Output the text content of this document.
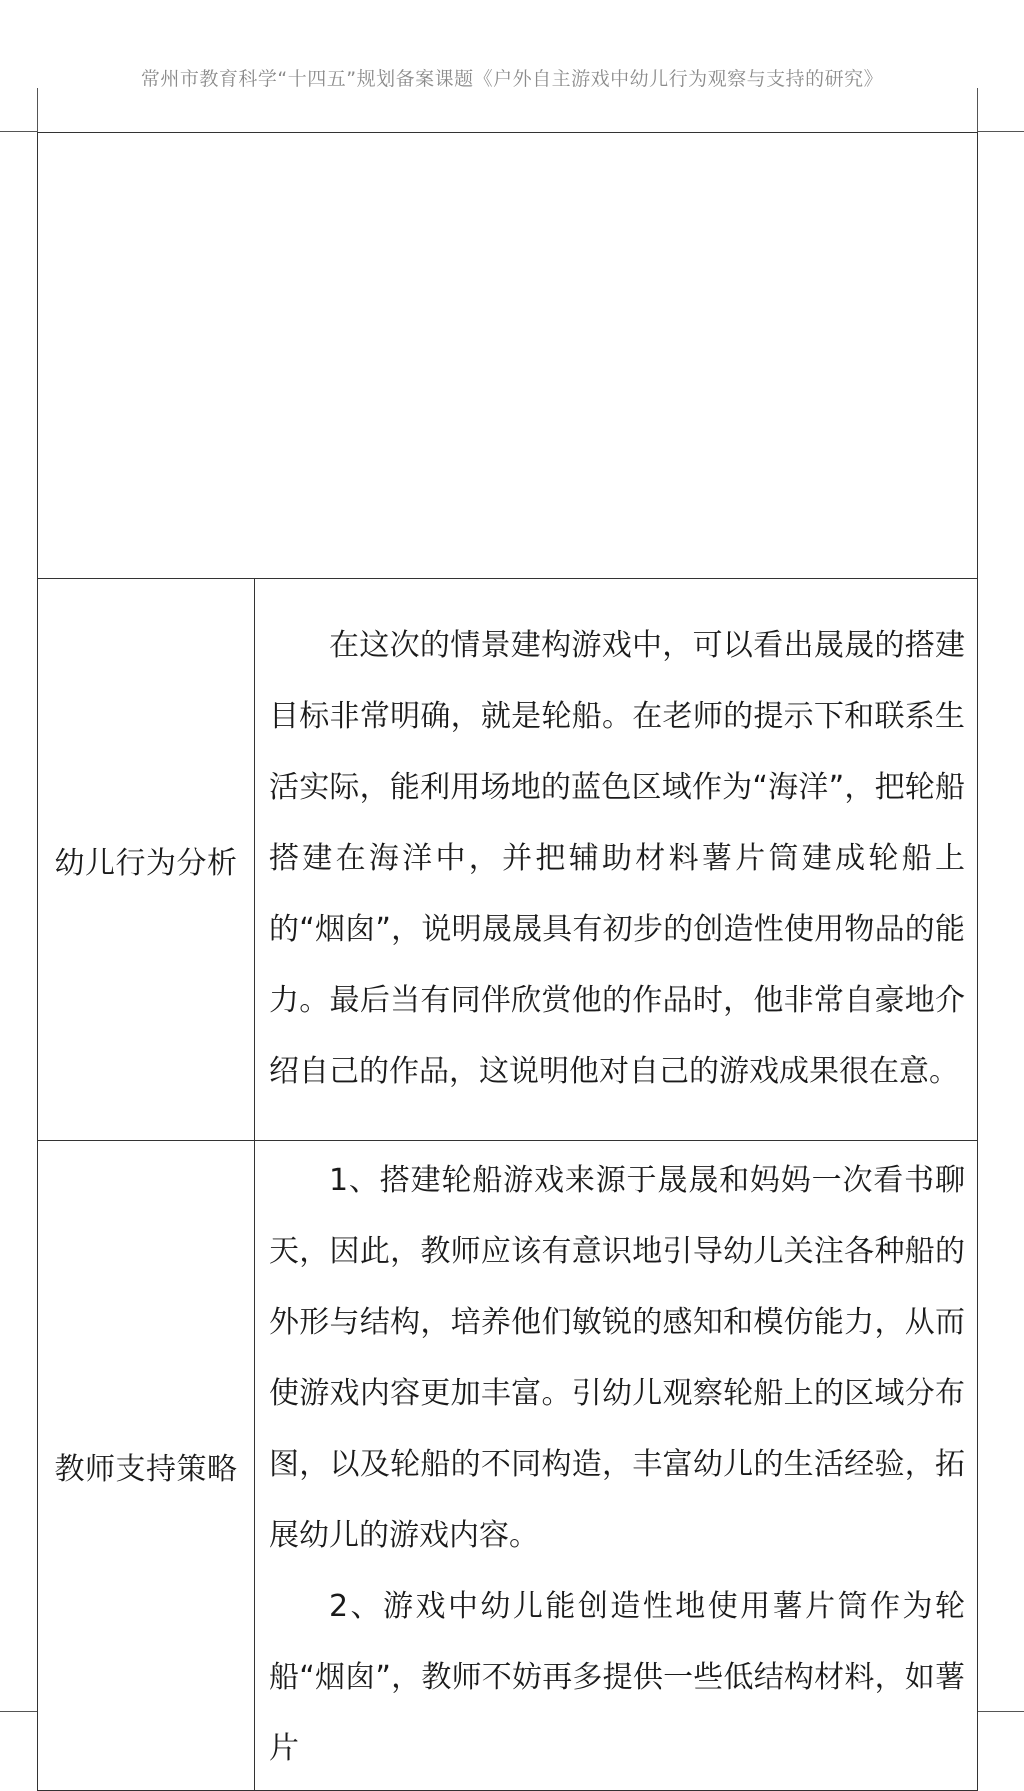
常州市教育科学“十四五”规划备案课题《户外自主游戏中幼儿行为观察与支持的研究》

幼儿行为分析	在这次的情景建构游戏中，可以看出晟晟的搭建目标非常明确，就是轮船。在老师的提示下和联系生活实际，能利用场地的蓝色区域作为“海洋”，把轮船搭建在海洋中，并把辅助材料薯片筒建成轮船上的“烟囱”，说明晟晟具有初步的创造性使用物品的能力。最后当有同伴欣赏他的作品时，他非常自豪地介绍自己的作品，这说明他对自己的游戏成果很在意。

教师支持策略	1、搭建轮船游戏来源于晟晟和妈妈一次看书聊天，因此，教师应该有意识地引导幼儿关注各种船的外形与结构，培养他们敏锐的感知和模仿能力，从而使游戏内容更加丰富。引幼儿观察轮船上的区域分布图，以及轮船的不同构造，丰富幼儿的生活经验，拓展幼儿的游戏内容。

2、游戏中幼儿能创造性地使用薯片筒作为轮船“烟囱”，教师不妨再多提供一些低结构材料，如薯片
